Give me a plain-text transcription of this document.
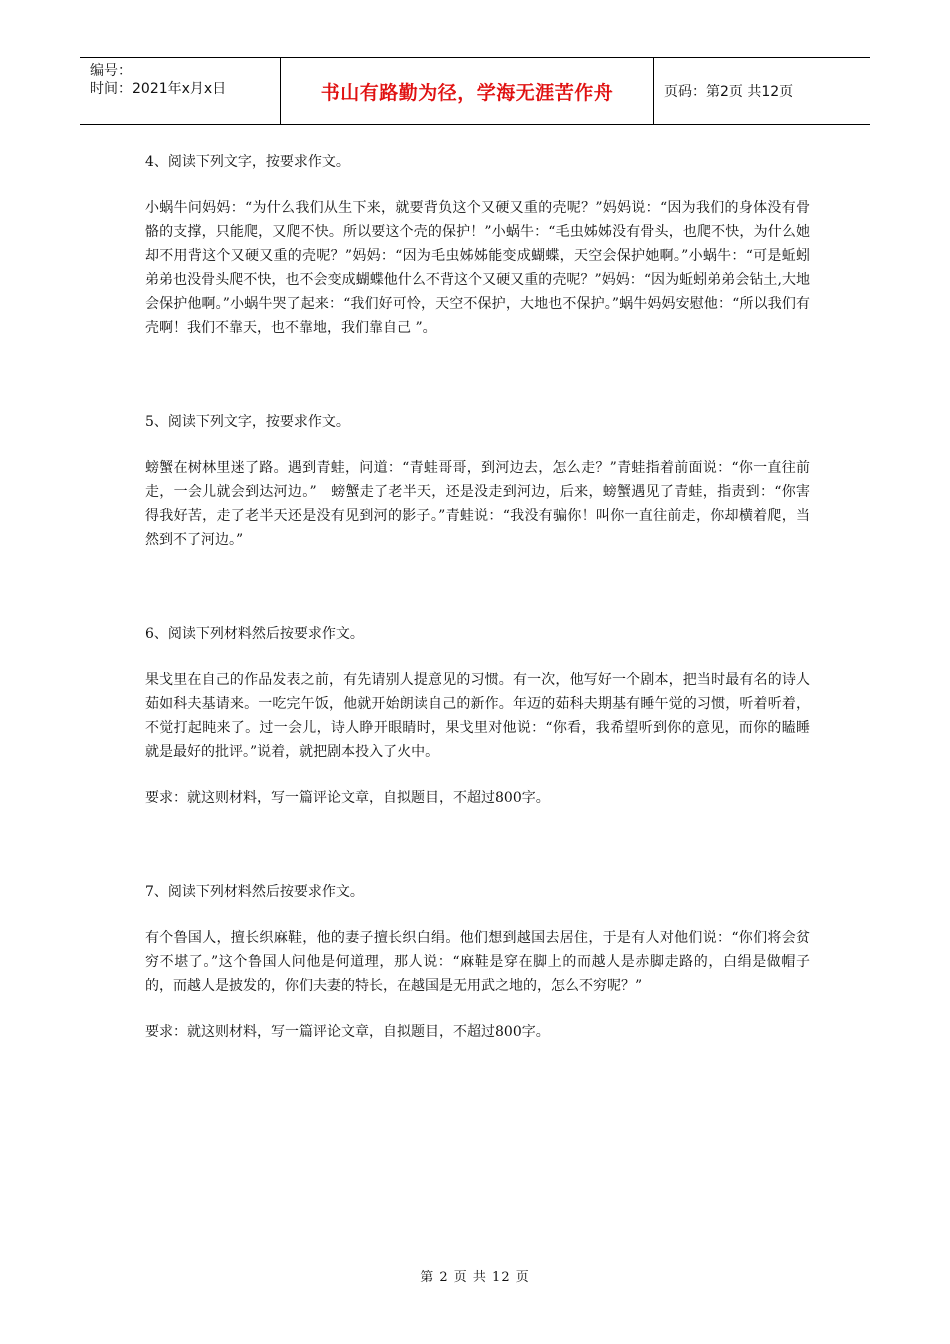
编号：
时间：2021年x月x日	书山有路勤为径，学海无涯苦作舟	页码：第2页 共12页

4、阅读下列文字，按要求作文。

小蜗牛问妈妈：“为什么我们从生下来，就要背负这个又硬又重的壳呢？”妈妈说：“因为我们的身体没有骨骼的支撑，只能爬，又爬不快。所以要这个壳的保护！”小蜗牛：“毛虫姊姊没有骨头，也爬不快，为什么她却不用背这个又硬又重的壳呢？”妈妈：“因为毛虫姊姊能变成蝴蝶，天空会保护她啊。”小蜗牛：“可是蚯蚓弟弟也没骨头爬不快，也不会变成蝴蝶他什么不背这个又硬又重的壳呢？”妈妈：“因为蚯蚓弟弟会钻土,大地会保护他啊。”小蜗牛哭了起来：“我们好可怜，天空不保护，大地也不保护。”蜗牛妈妈安慰他：“所以我们有壳啊！我们不靠天，也不靠地，我们靠自己 ”。

5、阅读下列文字，按要求作文。

螃蟹在树林里迷了路。遇到青蛙，问道：“青蛙哥哥，到河边去，怎么走？”青蛙指着前面说：“你一直往前走，一会儿就会到达河边。”　螃蟹走了老半天，还是没走到河边，后来，螃蟹遇见了青蛙，指责到：“你害得我好苦，走了老半天还是没有见到河的影子。”青蛙说：“我没有骗你！叫你一直往前走，你却横着爬，当然到不了河边。”

6、阅读下列材料然后按要求作文。

果戈里在自己的作品发表之前，有先请别人提意见的习惯。有一次，他写好一个剧本，把当时最有名的诗人茹如科夫基请来。一吃完午饭，他就开始朗读自己的新作。年迈的茹科夫期基有睡午觉的习惯，听着听着，不觉打起盹来了。过一会儿，诗人睁开眼睛时，果戈里对他说：“你看，我希望听到你的意见，而你的瞌睡就是最好的批评。”说着，就把剧本投入了火中。

要求：就这则材料，写一篇评论文章，自拟题目，不超过800字。

7、阅读下列材料然后按要求作文。

有个鲁国人，擅长织麻鞋，他的妻子擅长织白绢。他们想到越国去居住，于是有人对他们说：“你们将会贫穷不堪了。”这个鲁国人问他是何道理，那人说：“麻鞋是穿在脚上的而越人是赤脚走路的，白绢是做帽子的，而越人是披发的，你们夫妻的特长，在越国是无用武之地的，怎么不穷呢？”

要求：就这则材料，写一篇评论文章，自拟题目，不超过800字。

第 2 页 共 12 页
